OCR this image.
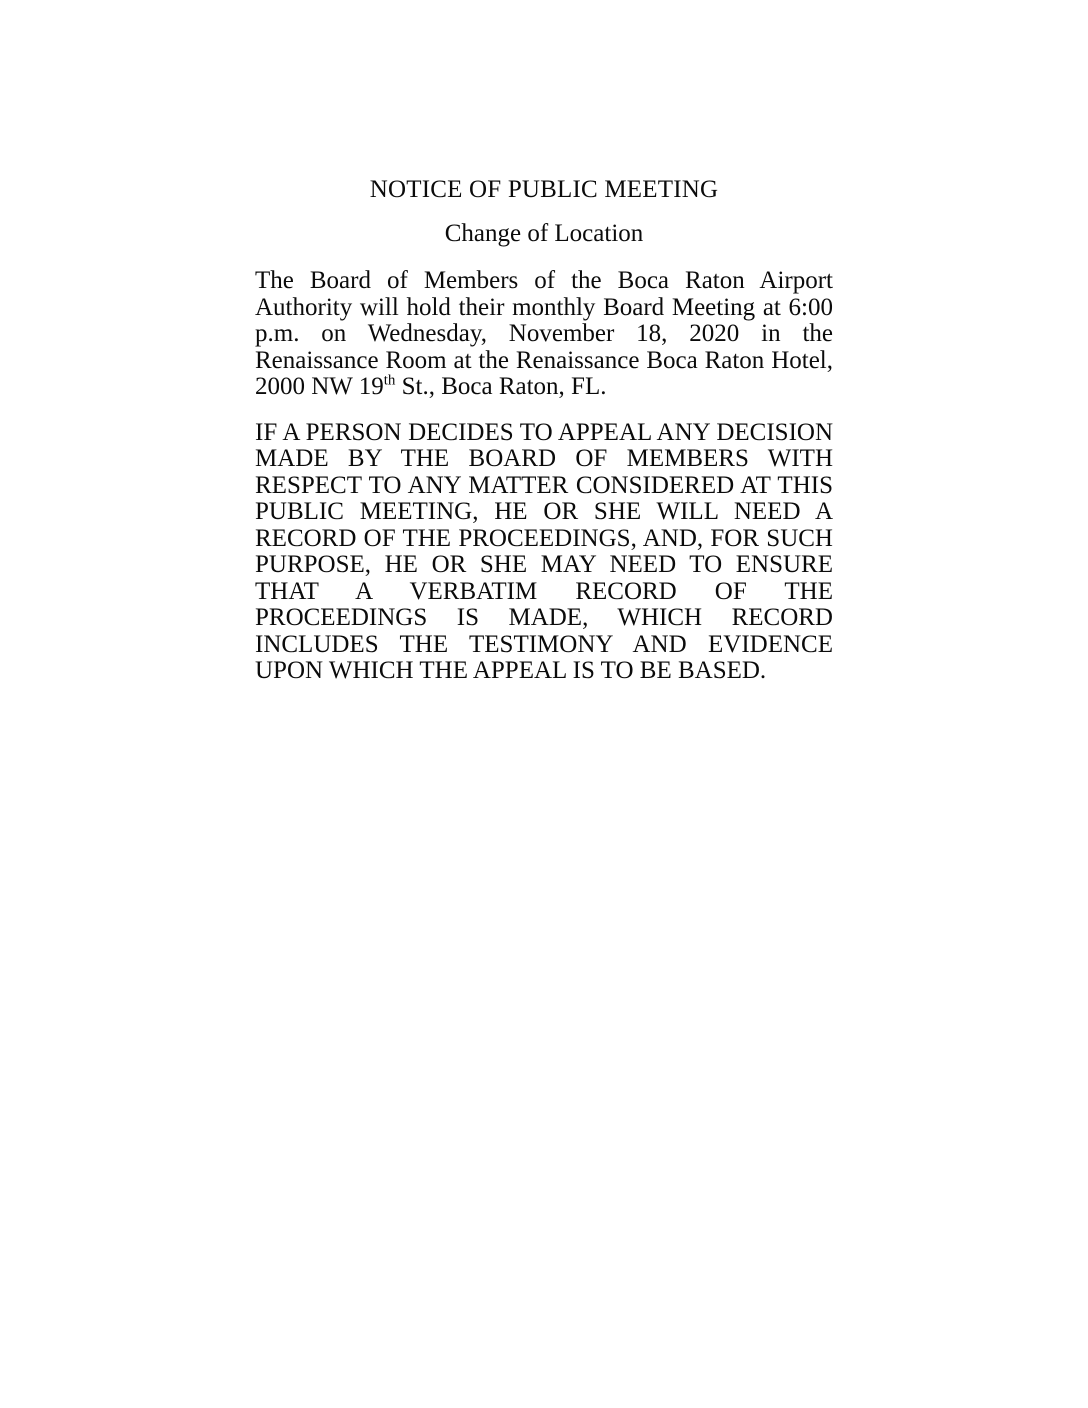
NOTICE OF PUBLIC MEETING
Change of Location

The Board of Members of the Boca Raton Airport Authority will hold their monthly Board Meeting at 6:00 p.m. on Wednesday, November 18, 2020 in the Renaissance Room at the Renaissance Boca Raton Hotel, 2000 NW 19th St., Boca Raton, FL.

IF A PERSON DECIDES TO APPEAL ANY DECISION MADE BY THE BOARD OF MEMBERS WITH RESPECT TO ANY MATTER CONSIDERED AT THIS PUBLIC MEETING, HE OR SHE WILL NEED A RECORD OF THE PROCEEDINGS, AND, FOR SUCH PURPOSE, HE OR SHE MAY NEED TO ENSURE THAT A VERBATIM RECORD OF THE PROCEEDINGS IS MADE, WHICH RECORD INCLUDES THE TESTIMONY AND EVIDENCE UPON WHICH THE APPEAL IS TO BE BASED.
